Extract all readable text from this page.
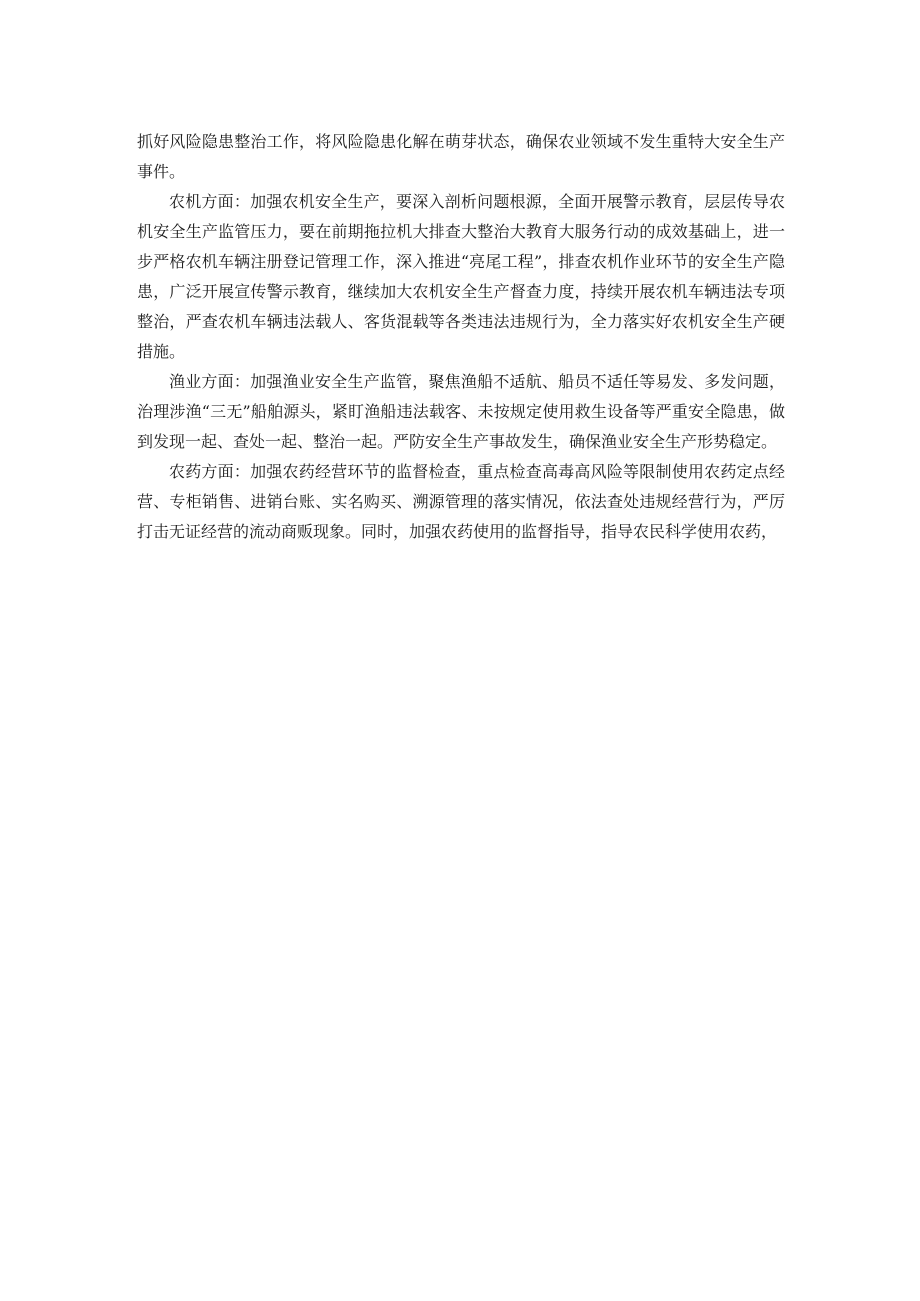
抓好风险隐患整治工作，将风险隐患化解在萌芽状态，确保农业领域不发生重特大安全生产事件。

农机方面：加强农机安全生产，要深入剖析问题根源，全面开展警示教育，层层传导农机安全生产监管压力，要在前期拖拉机大排查大整治大教育大服务行动的成效基础上，进一步严格农机车辆注册登记管理工作，深入推进“亮尾工程”，排查农机作业环节的安全生产隐患，广泛开展宣传警示教育，继续加大农机安全生产督查力度，持续开展农机车辆违法专项整治，严查农机车辆违法载人、客货混载等各类违法违规行为，全力落实好农机安全生产硬措施。

渔业方面：加强渔业安全生产监管，聚焦渔船不适航、船员不适任等易发、多发问题，治理涉渔“三无”船舶源头，紧盯渔船违法载客、未按规定使用救生设备等严重安全隐患，做到发现一起、查处一起、整治一起。严防安全生产事故发生，确保渔业安全生产形势稳定。

农药方面：加强农药经营环节的监督检查，重点检查高毒高风险等限制使用农药定点经营、专柜销售、进销台账、实名购买、溯源管理的落实情况，依法查处违规经营行为，严厉打击无证经营的流动商贩现象。同时，加强农药使用的监督指导，指导农民科学使用农药，
